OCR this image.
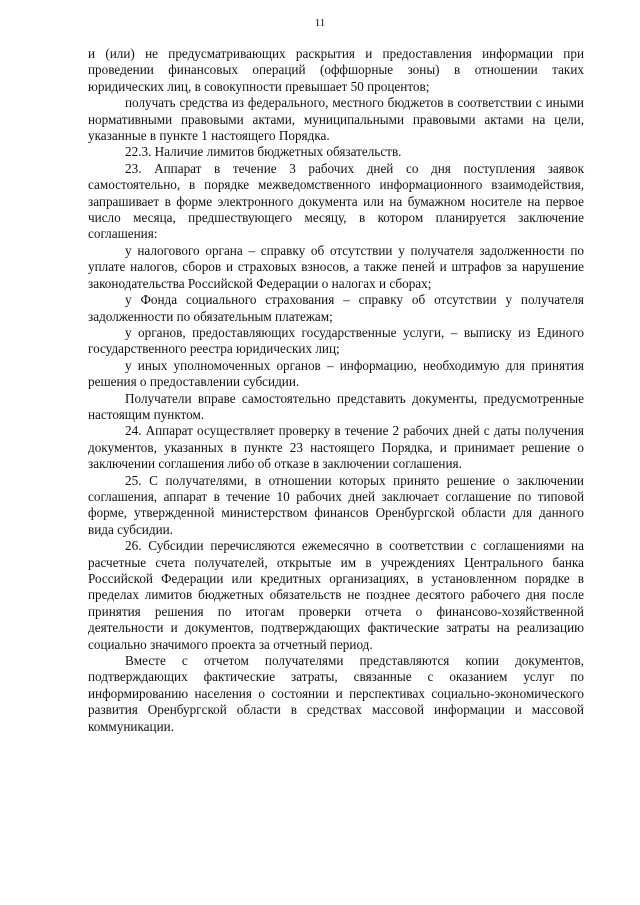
11

и (или) не предусматривающих раскрытия и предоставления информации при проведении финансовых операций (оффшорные зоны) в отношении таких юридических лиц, в совокупности превышает 50 процентов;

получать средства из федерального, местного бюджетов в соответствии с иными нормативными правовыми актами, муниципальными правовыми актами на цели, указанные в пункте 1 настоящего Порядка.

22.3. Наличие лимитов бюджетных обязательств.

23. Аппарат в течение 3 рабочих дней со дня поступления заявок самостоятельно, в порядке межведомственного информационного взаимодействия, запрашивает в форме электронного документа или на бумажном носителе на первое число месяца, предшествующего месяцу, в котором планируется заключение соглашения:

у налогового органа – справку об отсутствии у получателя задолженности по уплате налогов, сборов и страховых взносов, а также пеней и штрафов за нарушение законодательства Российской Федерации о налогах и сборах;

у Фонда социального страхования – справку об отсутствии у получателя задолженности по обязательным платежам;

у органов, предоставляющих государственные услуги, – выписку из Единого государственного реестра юридических лиц;

у иных уполномоченных органов – информацию, необходимую для принятия решения о предоставлении субсидии.

Получатели вправе самостоятельно представить документы, предусмотренные настоящим пунктом.

24. Аппарат осуществляет проверку в течение 2 рабочих дней с даты получения документов, указанных в пункте 23 настоящего Порядка, и принимает решение о заключении соглашения либо об отказе в заключении соглашения.

25. С получателями, в отношении которых принято решение о заключении соглашения, аппарат в течение 10 рабочих дней заключает соглашение по типовой форме, утвержденной министерством финансов Оренбургской области для данного вида субсидии.

26. Субсидии перечисляются ежемесячно в соответствии с соглашениями на расчетные счета получателей, открытые им в учреждениях Центрального банка Российской Федерации или кредитных организациях, в установленном порядке в пределах лимитов бюджетных обязательств не позднее десятого рабочего дня после принятия решения по итогам проверки отчета о финансово-хозяйственной деятельности и документов, подтверждающих фактические затраты на реализацию социально значимого проекта за отчетный период.

Вместе с отчетом получателями представляются копии документов, подтверждающих фактические затраты, связанные с оказанием услуг по информированию населения о состоянии и перспективах социально-экономического развития Оренбургской области в средствах массовой информации и массовой коммуникации.
